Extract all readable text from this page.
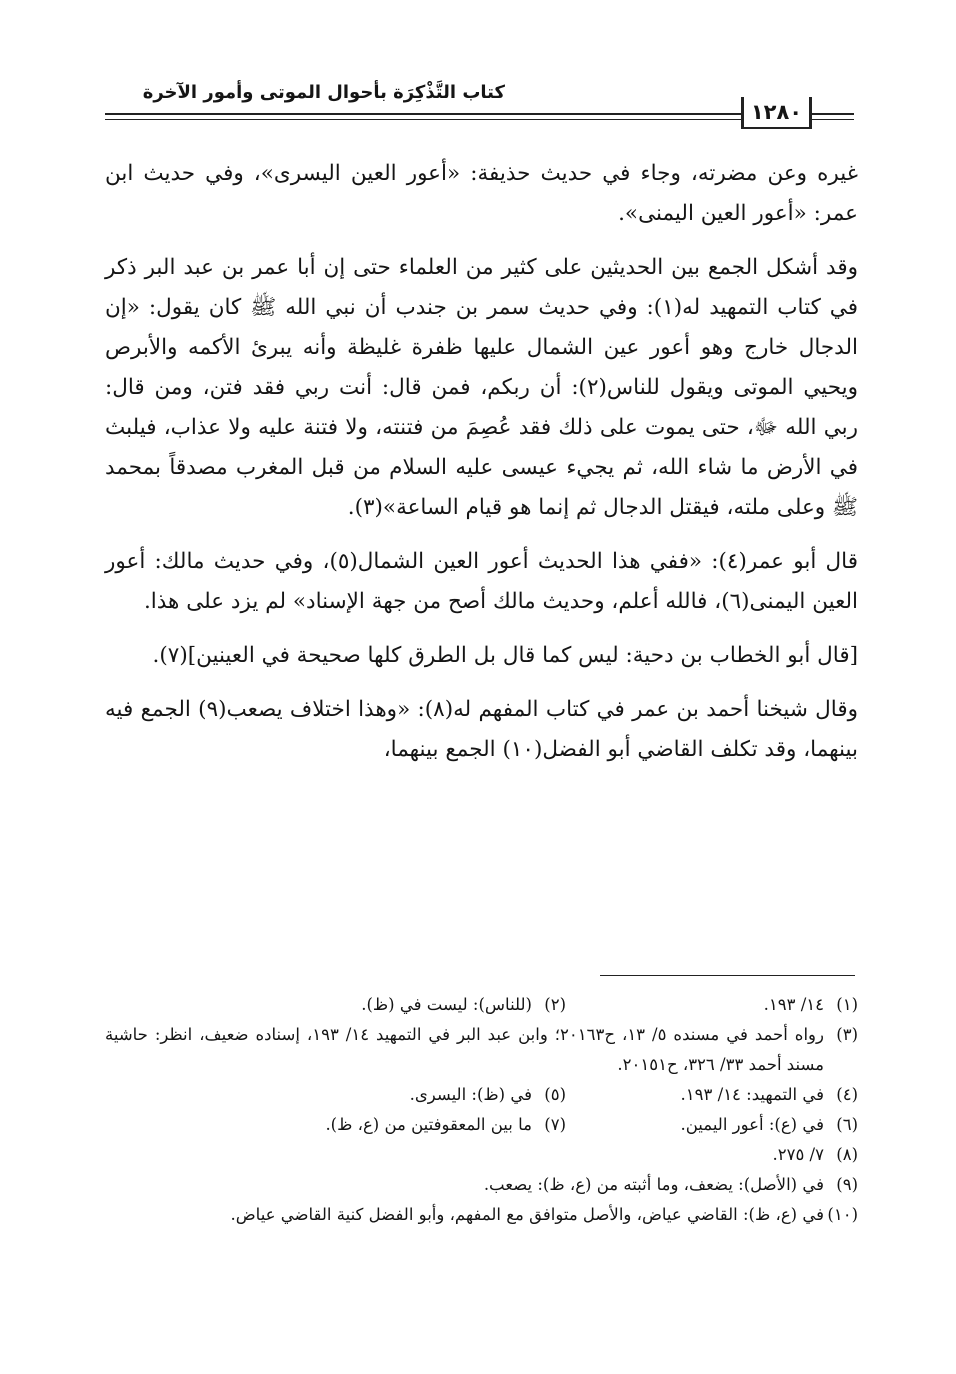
كتاب التَّذْكِرَة بأحوال الموتى وأمور الآخرة
١٢٨٠

غيره وعن مضرته، وجاء في حديث حذيفة: «أعور العين اليسرى»، وفي حديث ابن عمر: «أعور العين اليمنى».

وقد أشكل الجمع بين الحديثين على كثير من العلماء حتى إن أبا عمر بن عبد البر ذكر في كتاب التمهيد له(١): وفي حديث سمر بن جندب أن نبي الله ﷺ كان يقول: «إن الدجال خارج وهو أعور عين الشمال عليها ظفرة غليظة وأنه يبرئ الأكمه والأبرص ويحيي الموتى ويقول للناس(٢): أن ربكم، فمن قال: أنت ربي فقد فتن، ومن قال: ربي الله ﷻ، حتى يموت على ذلك فقد عُصِمَ من فتنته، ولا فتنة عليه ولا عذاب، فيلبث في الأرض ما شاء الله، ثم يجيء عيسى عليه السلام من قبل المغرب مصدقاً بمحمد ﷺ وعلى ملته، فيقتل الدجال ثم إنما هو قيام الساعة»(٣).

قال أبو عمر(٤): «ففي هذا الحديث أعور العين الشمال(٥)، وفي حديث مالك: أعور العين اليمنى(٦)، فالله أعلم، وحديث مالك أصح من جهة الإسناد» لم يزد على هذا.

[قال أبو الخطاب بن دحية: ليس كما قال بل الطرق كلها صحيحة في العينين](٧).

وقال شيخنا أحمد بن عمر في كتاب المفهم له(٨): «وهذا اختلاف يصعب(٩) الجمع فيه بينهما، وقد تكلف القاضي أبو الفضل(١٠) الجمع بينهما،

(١)
١٤/ ١٩٣.
(٢)
(للناس): ليست في (ظ).
(٣)
رواه أحمد في مسنده ٥/ ١٣، ح٢٠١٦٣؛ وابن عبد البر في التمهيد ١٤/ ١٩٣، إسناده ضعيف، انظر: حاشية مسند أحمد ٣٣/ ٣٢٦، ح٢٠١٥١.
(٤)
في التمهيد: ١٤/ ١٩٣.
(٥)
في (ظ): اليسرى.
(٦)
في (ع): أعور اليمين.
(٧)
ما بين المعقوفتين من (ع، ظ).
(٨)
٧/ ٢٧٥.
(٩)
في (الأصل): يضعف، وما أثبته من (ع، ظ): يصعب.
(١٠)
في (ع، ظ): القاضي عياض، والأصل متوافق مع المفهم، وأبو الفضل كنية القاضي عياض.
